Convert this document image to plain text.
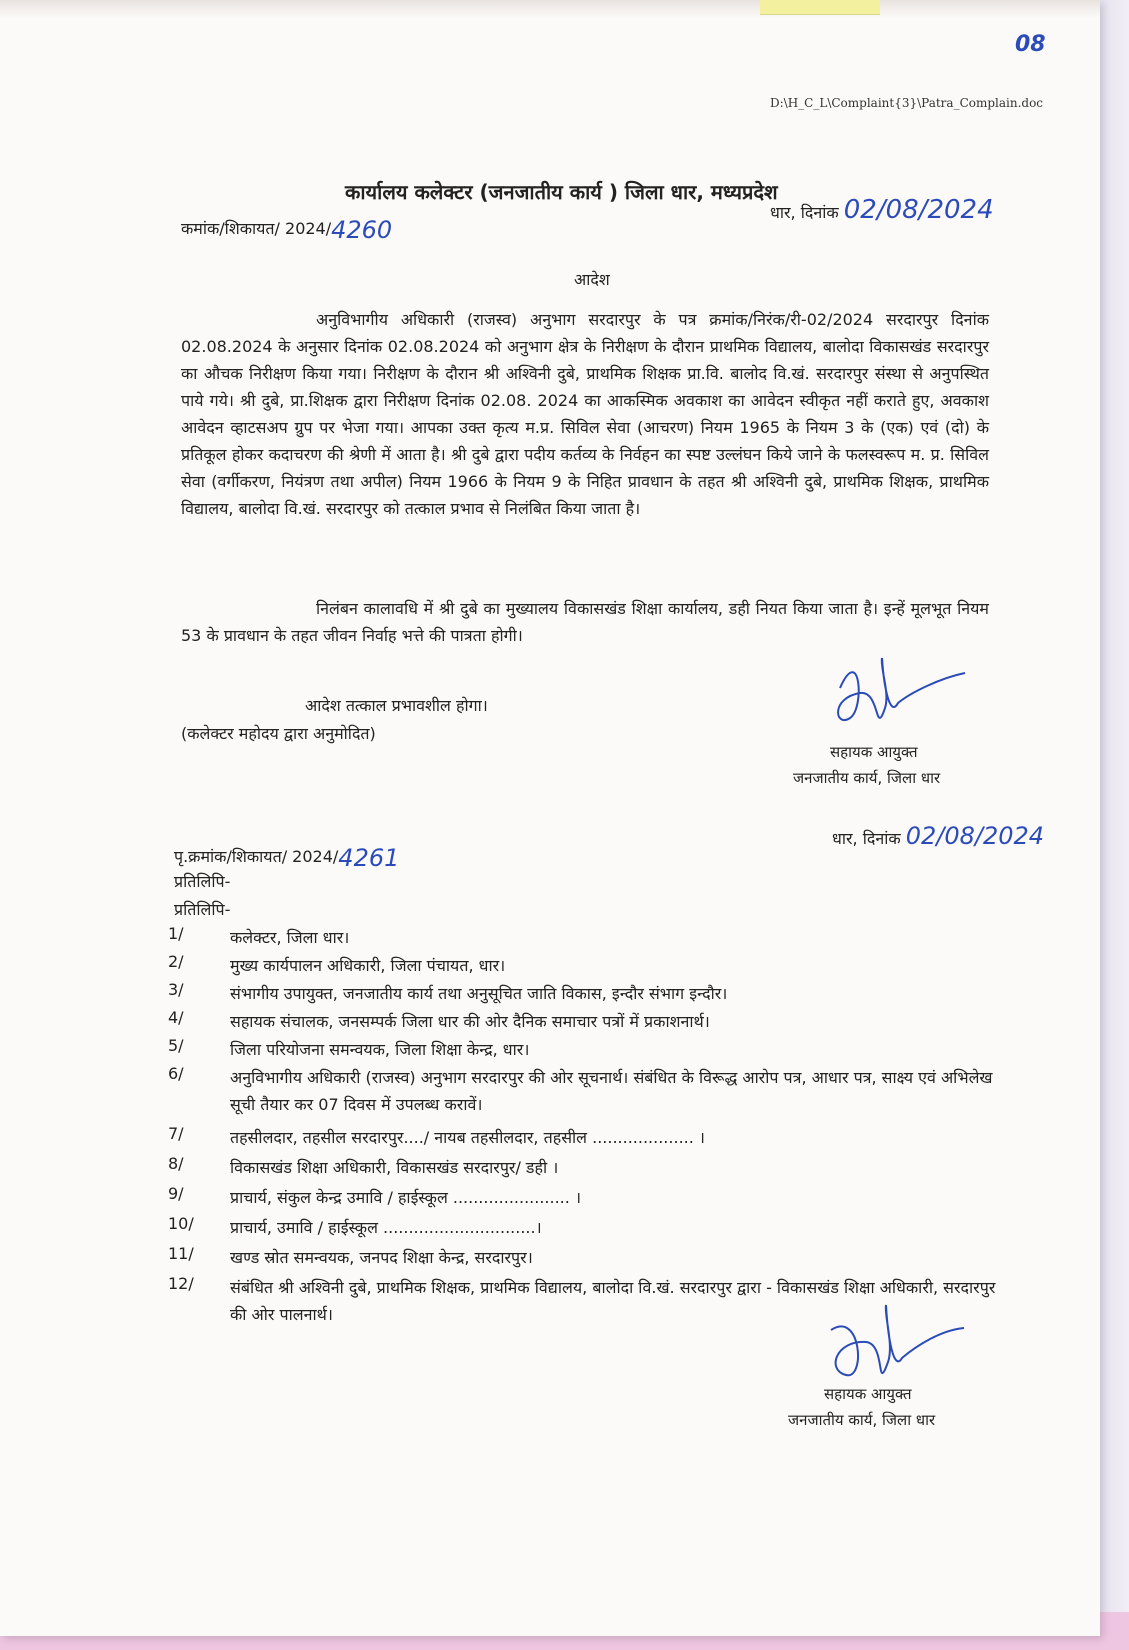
08
D:\H_C_L\Complaint{3}\Patra_Complain.doc
कार्यालय कलेक्टर (जनजातीय कार्य ) जिला धार, मध्यप्रदेश
कमांक/शिकायत/ 2024/4260
धार, दिनांक 02/08/2024
आदेश
अनुविभागीय अधिकारी (राजस्व) अनुभाग सरदारपुर के पत्र क्रमांक/निरंक/री-02/2024 सरदारपुर दिनांक 02.08.2024 के अनुसार दिनांक 02.08.2024 को अनुभाग क्षेत्र के निरीक्षण के दौरान प्राथमिक विद्यालय, बालोदा विकासखंड सरदारपुर का औचक निरीक्षण किया गया। निरीक्षण के दौरान श्री अश्विनी दुबे, प्राथमिक शिक्षक प्रा.वि. बालोद वि.खं. सरदारपुर संस्था से अनुपस्थित पाये गये। श्री दुबे, प्रा.शिक्षक द्वारा निरीक्षण दिनांक 02.08. 2024 का आकस्मिक अवकाश का आवेदन स्वीकृत नहीं कराते हुए, अवकाश आवेदन व्हाटसअप ग्रुप पर भेजा गया। आपका उक्त कृत्य म.प्र. सिविल सेवा (आचरण) नियम 1965 के नियम 3 के (एक) एवं (दो) के प्रतिकूल होकर कदाचरण की श्रेणी में आता है। श्री दुबे द्वारा पदीय कर्तव्य के निर्वहन का स्पष्ट उल्लंघन किये जाने के फलस्वरूप म. प्र. सिविल सेवा (वर्गीकरण, नियंत्रण तथा अपील) नियम 1966 के नियम 9 के निहित प्रावधान के तहत श्री अश्विनी दुबे, प्राथमिक शिक्षक, प्राथमिक विद्यालय, बालोदा वि.खं. सरदारपुर को तत्काल प्रभाव से निलंबित किया जाता है।
निलंबन कालावधि में श्री दुबे का मुख्यालय विकासखंड शिक्षा कार्यालय, डही नियत किया जाता है। इन्हें मूलभूत नियम 53 के प्रावधान के तहत जीवन निर्वाह भत्ते की पात्रता होगी।
आदेश तत्काल प्रभावशील होगा।
(कलेक्टर महोदय द्वारा अनुमोदित)
सहायक आयुक्त
जनजातीय कार्य, जिला धार
धार, दिनांक 02/08/2024
पृ.क्रमांक/शिकायत/ 2024/4261
प्रतिलिपि-
प्रतिलिपि-
1/	कलेक्टर, जिला धार।
2/	मुख्य कार्यपालन अधिकारी, जिला पंचायत, धार।
3/	संभागीय उपायुक्त, जनजातीय कार्य तथा अनुसूचित जाति विकास, इन्दौर संभाग इन्दौर।
4/	सहायक संचालक, जनसम्पर्क जिला धार की ओर दैनिक समाचार पत्रों में प्रकाशनार्थ।
5/	जिला परियोजना समन्वयक, जिला शिक्षा केन्द्र, धार।
6/	अनुविभागीय अधिकारी (राजस्व) अनुभाग सरदारपुर की ओर सूचनार्थ। संबंधित के विरूद्ध आरोप पत्र, आधार पत्र, साक्ष्य एवं अभिलेख सूची तैयार कर 07 दिवस में उपलब्ध करावें।
7/	तहसीलदार, तहसील सरदारपुर..../ नायब तहसीलदार, तहसील .................... ।
8/	विकासखंड शिक्षा अधिकारी, विकासखंड सरदारपुर/ डही ।
9/	प्राचार्य, संकुल केन्द्र उमावि / हाईस्कूल ....................... ।
10/	प्राचार्य, उमावि / हाईस्कूल ..............................।
11/	खण्ड स्रोत समन्वयक, जनपद शिक्षा केन्द्र, सरदारपुर।
12/	संबंधित श्री अश्विनी दुबे, प्राथमिक शिक्षक, प्राथमिक विद्यालय, बालोदा वि.खं. सरदारपुर द्वारा - विकासखंड शिक्षा अधिकारी, सरदारपुर की ओर पालनार्थ।
सहायक आयुक्त
जनजातीय कार्य, जिला धार
